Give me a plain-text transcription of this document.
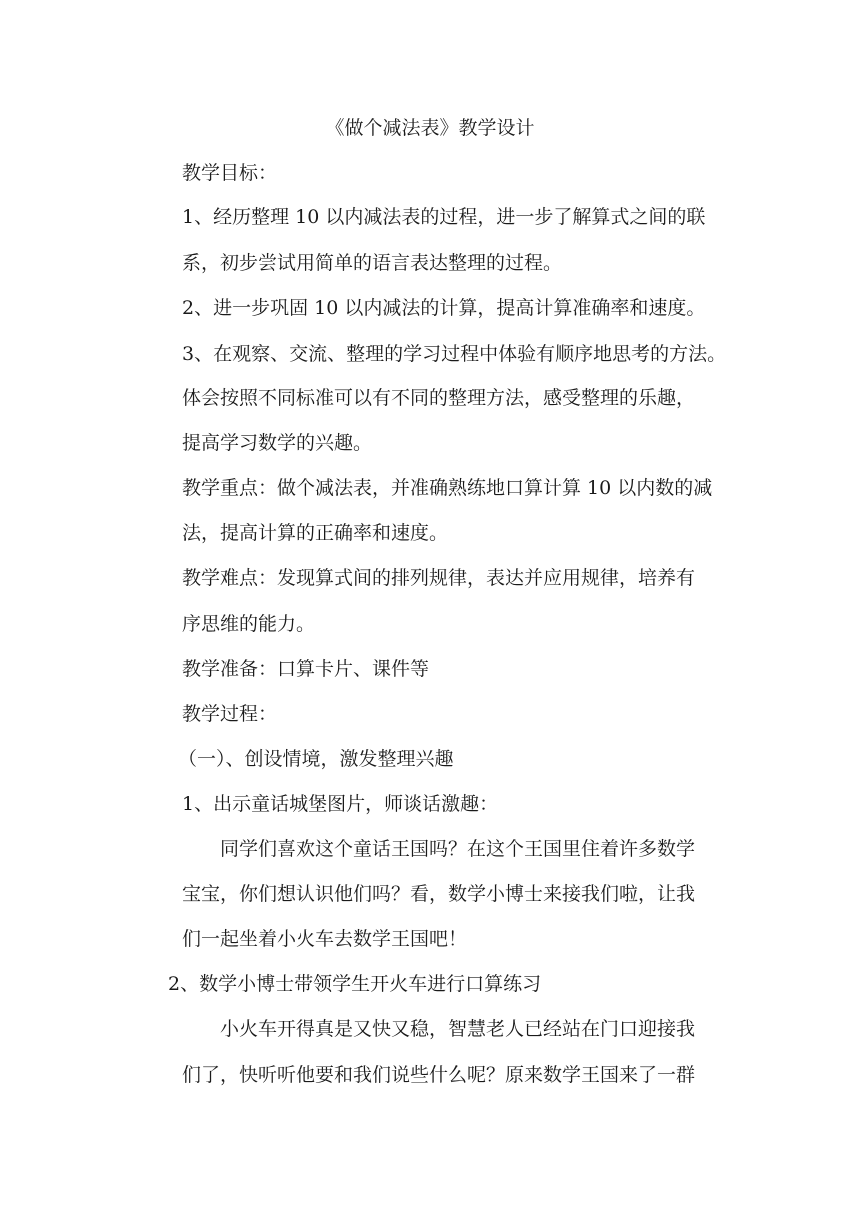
《做个减法表》教学设计
教学目标：
1、经历整理 10 以内减法表的过程，进一步了解算式之间的联
系，初步尝试用简单的语言表达整理的过程。
2、进一步巩固 10 以内减法的计算，提高计算准确率和速度。
3、在观察、交流、整理的学习过程中体验有顺序地思考的方法。
体会按照不同标准可以有不同的整理方法，感受整理的乐趣，
提高学习数学的兴趣。
教学重点：做个减法表，并准确熟练地口算计算 10 以内数的减
法，提高计算的正确率和速度。
教学难点：发现算式间的排列规律，表达并应用规律，培养有
序思维的能力。
教学准备：口算卡片、课件等
教学过程：
（一）、创设情境，激发整理兴趣
1、出示童话城堡图片，师谈话激趣：
同学们喜欢这个童话王国吗？在这个王国里住着许多数学
宝宝，你们想认识他们吗？看，数学小博士来接我们啦，让我
们一起坐着小火车去数学王国吧！
2、数学小博士带领学生开火车进行口算练习
小火车开得真是又快又稳，智慧老人已经站在门口迎接我
们了，快听听他要和我们说些什么呢？原来数学王国来了一群
